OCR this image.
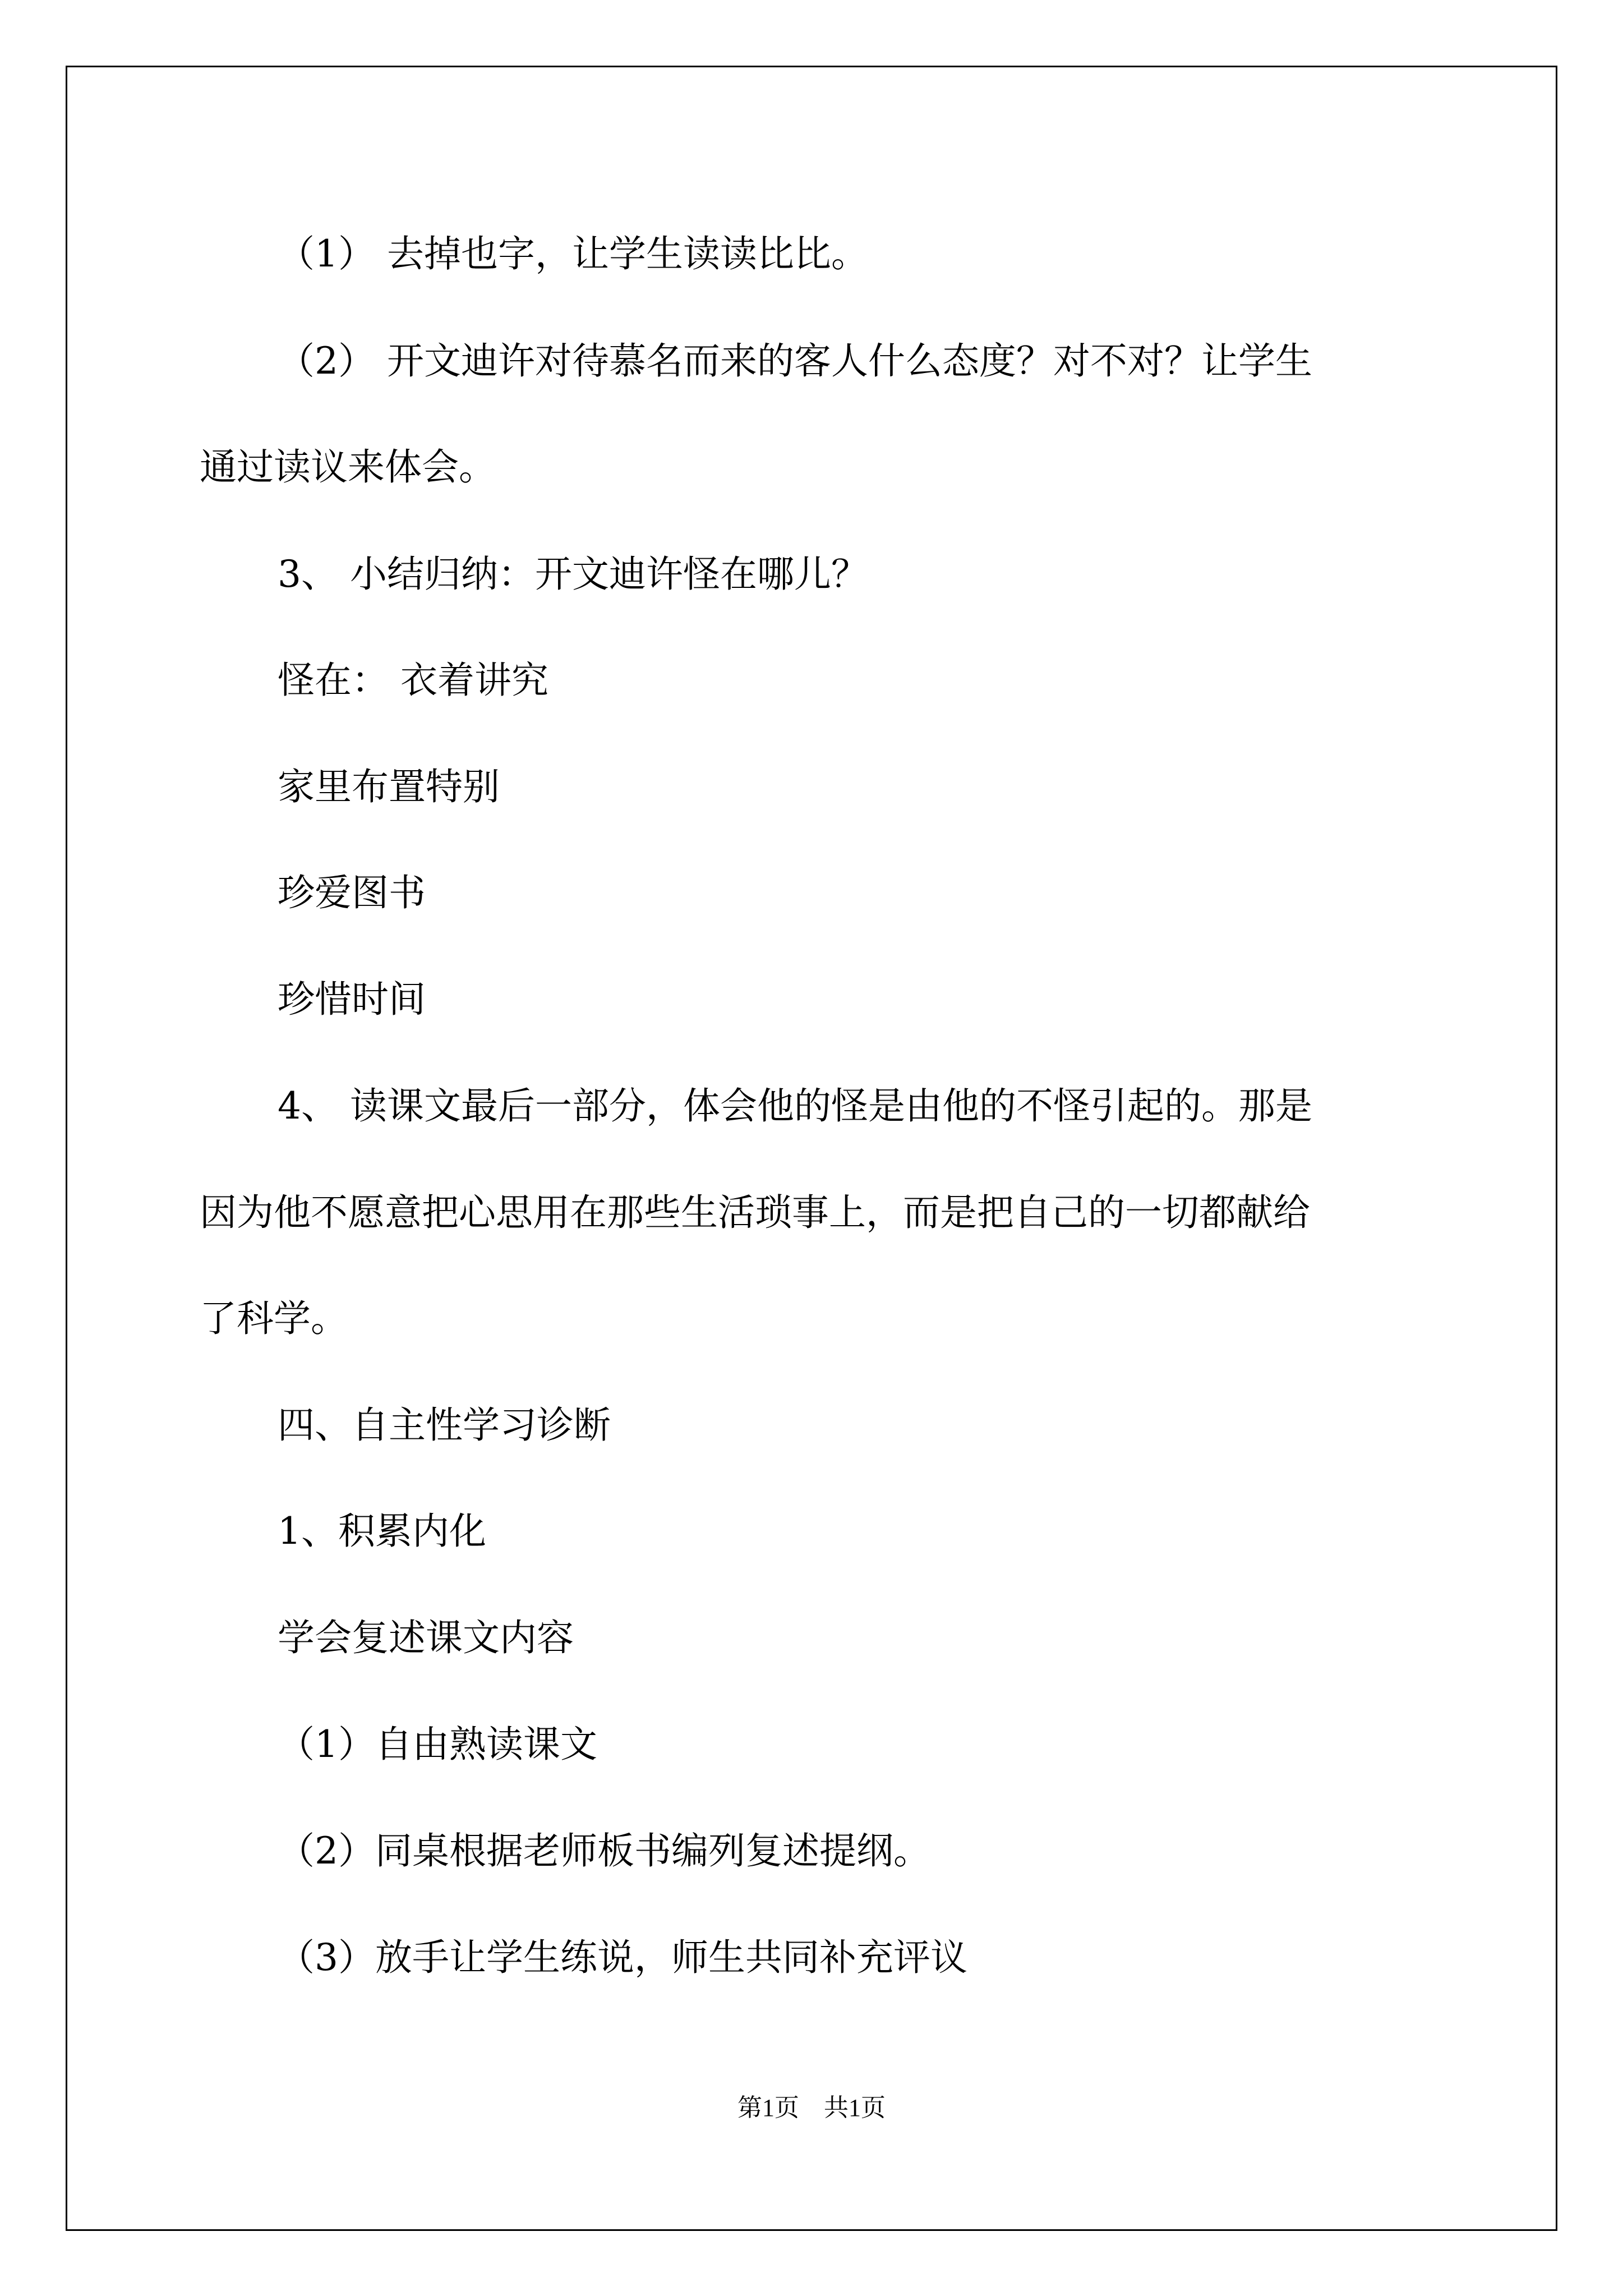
（1） 去掉也字，让学生读读比比。
（2） 开文迪许对待慕名而来的客人什么态度？对不对？让学生
通过读议来体会。
3、 小结归纳：开文迪许怪在哪儿？
怪在： 衣着讲究
家里布置特别
珍爱图书
珍惜时间
4、 读课文最后一部分，体会他的怪是由他的不怪引起的。那是
因为他不愿意把心思用在那些生活琐事上，而是把自己的一切都献给
了科学。
四、自主性学习诊断
1、积累内化
学会复述课文内容
（1）自由熟读课文
（2）同桌根据老师板书编列复述提纲。
（3）放手让学生练说，师生共同补充评议
第1页　共1页
